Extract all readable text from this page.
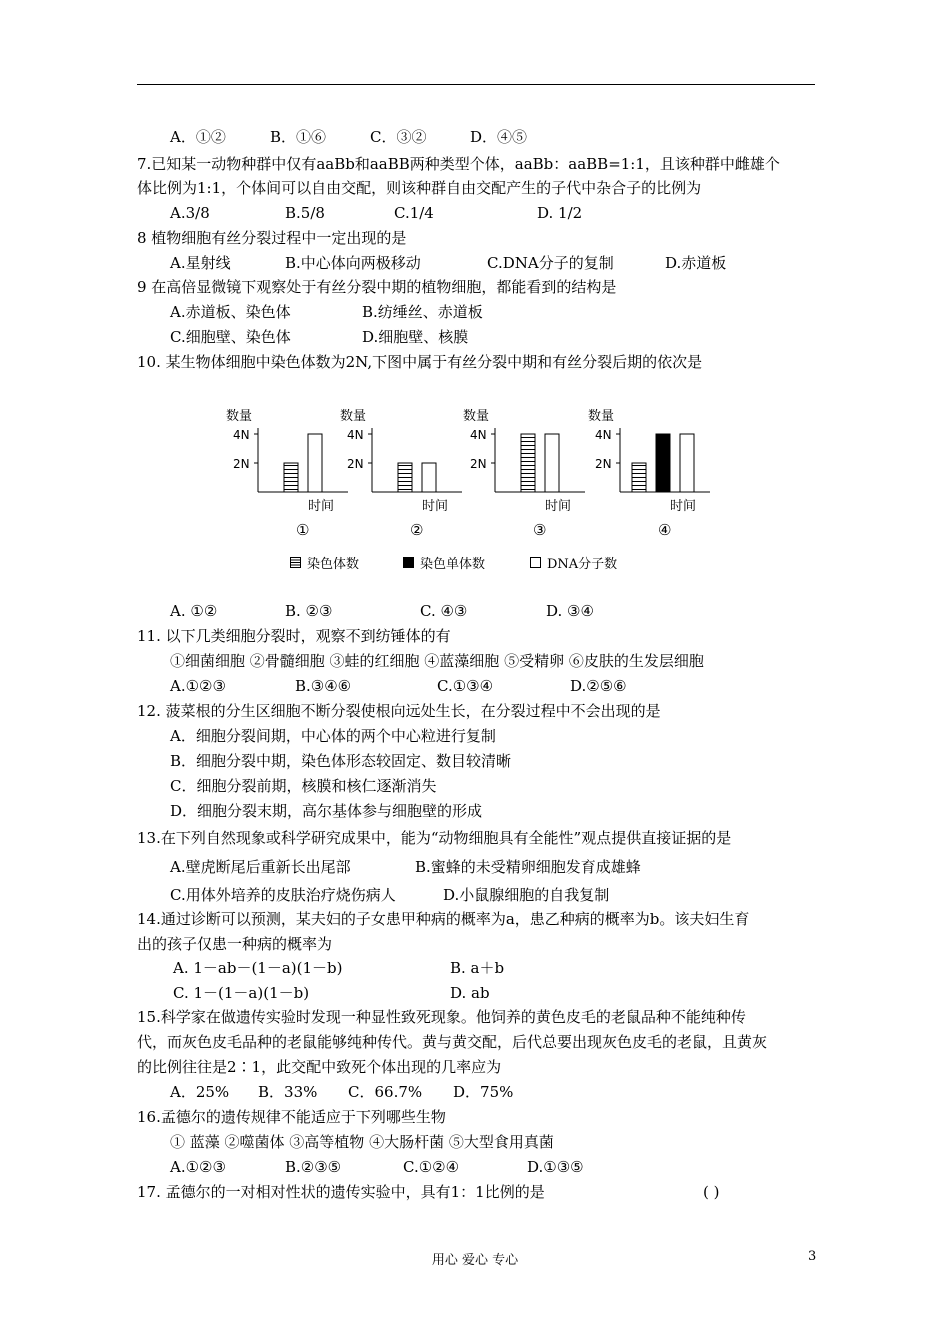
A．①②	B．①⑥	C．③②	D．④⑤
7.已知某一动物种群中仅有aaBb和aaBB两种类型个体，aaBb：aaBB=1:1，且该种群中雌雄个
体比例为1:1，个体间可以自由交配，则该种群自由交配产生的子代中杂合子的比例为
A.3/8	B.5/8	C.1/4	D. 1/2
8 植物细胞有丝分裂过程中一定出现的是
A.星射线	B.中心体向两极移动	C.DNA分子的复制	D.赤道板
9 在高倍显微镜下观察处于有丝分裂中期的植物细胞，都能看到的结构是
A.赤道板、染色体	B.纺缍丝、赤道板
C.细胞壁、染色体	D.细胞壁、核膜
10. 某生物体细胞中染色体数为2N,下图中属于有丝分裂中期和有丝分裂后期的依次是
数量
4N
2N
时间
①
数量
4N
2N
时间
②
数量
4N
2N
时间
③
数量
4N
2N
时间
④
染色体数	染色单体数	DNA分子数
A. ①②	B. ②③	C. ④③	D. ③④
11. 以下几类细胞分裂时，观察不到纺锤体的有
①细菌细胞 ②骨髓细胞 ③蛙的红细胞 ④蓝藻细胞 ⑤受精卵 ⑥皮肤的生发层细胞
A.①②③	B.③④⑥	C.①③④	D.②⑤⑥
12. 菠菜根的分生区细胞不断分裂使根向远处生长，在分裂过程中不会出现的是
A．细胞分裂间期，中心体的两个中心粒进行复制
B．细胞分裂中期，染色体形态较固定、数目较清晰
C．细胞分裂前期，核膜和核仁逐渐消失
D．细胞分裂末期，高尔基体参与细胞壁的形成
13.在下列自然现象或科学研究成果中，能为“动物细胞具有全能性”观点提供直接证据的是
A.壁虎断尾后重新长出尾部	B.蜜蜂的未受精卵细胞发育成雄蜂
C.用体外培养的皮肤治疗烧伤病人	D.小鼠腺细胞的自我复制
14.通过诊断可以预测，某夫妇的子女患甲种病的概率为a，患乙种病的概率为b。该夫妇生育
出的孩子仅患一种病的概率为
A. 1－ab－(1－a)(1－b)	B. a＋b
C. 1－(1－a)(1－b)	D. ab
15.科学家在做遗传实验时发现一种显性致死现象。他饲养的黄色皮毛的老鼠品种不能纯种传
代，而灰色皮毛品种的老鼠能够纯种传代。黄与黄交配，后代总要出现灰色皮毛的老鼠，且黄灰
的比例往往是2∶1，此交配中致死个体出现的几率应为
A．25% B．33% C．66.7% D．75%
16.孟德尔的遗传规律不能适应于下列哪些生物
① 蓝藻 ②噬菌体 ③高等植物 ④大肠杆菌 ⑤大型食用真菌
A.①②③	B.②③⑤	C.①②④	D.①③⑤
17. 孟德尔的一对相对性状的遗传实验中，具有1：1比例的是	( )
用心 爱心 专心	3
